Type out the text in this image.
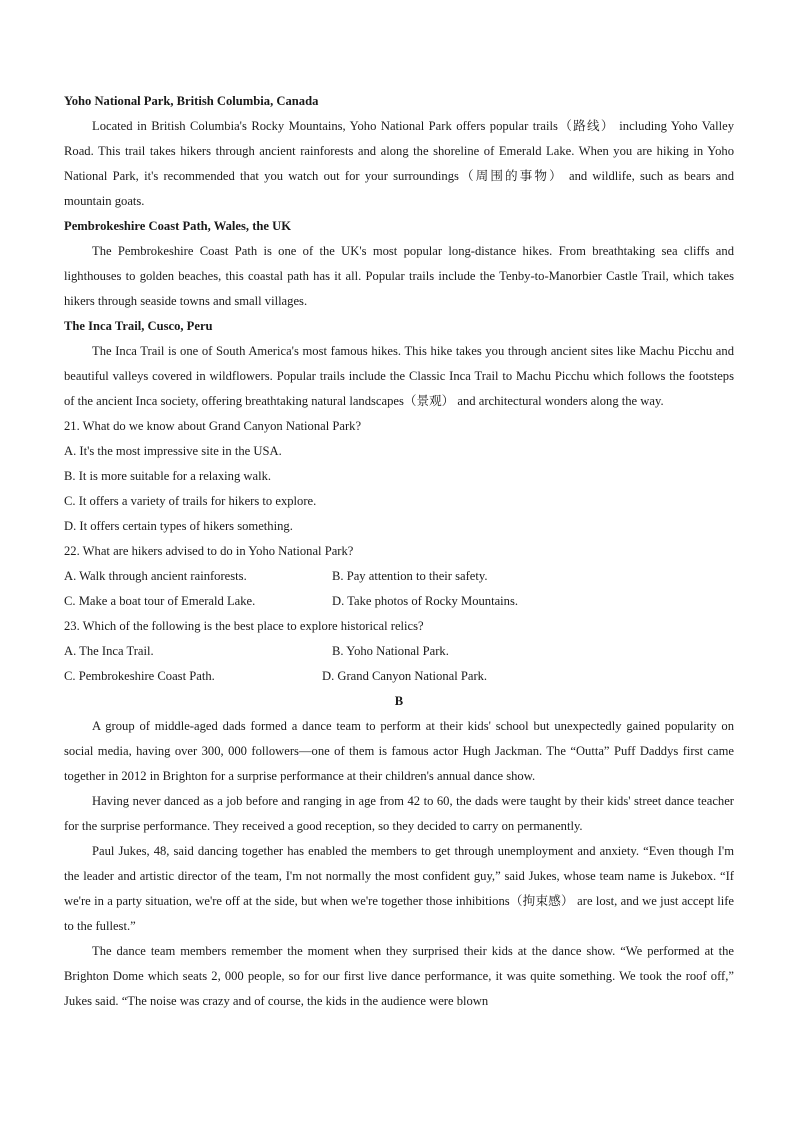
Yoho National Park, British Columbia, Canada

Located in British Columbia's Rocky Mountains, Yoho National Park offers popular trails（路线） including Yoho Valley Road. This trail takes hikers through ancient rainforests and along the shoreline of Emerald Lake. When you are hiking in Yoho National Park, it's recommended that you watch out for your surroundings（周围的事物） and wildlife, such as bears and mountain goats.

Pembrokeshire Coast Path, Wales, the UK

The Pembrokeshire Coast Path is one of the UK's most popular long-distance hikes. From breathtaking sea cliffs and lighthouses to golden beaches, this coastal path has it all. Popular trails include the Tenby-to-Manorbier Castle Trail, which takes hikers through seaside towns and small villages.

The Inca Trail, Cusco, Peru

The Inca Trail is one of South America's most famous hikes. This hike takes you through ancient sites like Machu Picchu and beautiful valleys covered in wildflowers. Popular trails include the Classic Inca Trail to Machu Picchu which follows the footsteps of the ancient Inca society, offering breathtaking natural landscapes（景观） and architectural wonders along the way.

21. What do we know about Grand Canyon National Park?

A. It's the most impressive site in the USA.

B. It is more suitable for a relaxing walk.

C. It offers a variety of trails for hikers to explore.

D. It offers certain types of hikers something.

22. What are hikers advised to do in Yoho National Park?

A. Walk through ancient rainforests.	B. Pay attention to their safety.
C. Make a boat tour of Emerald Lake.	D. Take photos of Rocky Mountains.

23. Which of the following is the best place to explore historical relics?

A. The Inca Trail.	B. Yoho National Park.
C. Pembrokeshire Coast Path.	D. Grand Canyon National Park.

B

A group of middle-aged dads formed a dance team to perform at their kids' school but unexpectedly gained popularity on social media, having over 300, 000 followers—one of them is famous actor Hugh Jackman. The “Outta” Puff Daddys first came together in 2012 in Brighton for a surprise performance at their children's annual dance show.

Having never danced as a job before and ranging in age from 42 to 60, the dads were taught by their kids' street dance teacher for the surprise performance. They received a good reception, so they decided to carry on permanently.

Paul Jukes, 48, said dancing together has enabled the members to get through unemployment and anxiety. “Even though I'm the leader and artistic director of the team, I'm not normally the most confident guy,” said Jukes, whose team name is Jukebox. “If we're in a party situation, we're off at the side, but when we're together those inhibitions（拘束感） are lost, and we just accept life to the fullest.”

The dance team members remember the moment when they surprised their kids at the dance show. “We performed at the Brighton Dome which seats 2, 000 people, so for our first live dance performance, it was quite something. We took the roof off,” Jukes said. “The noise was crazy and of course, the kids in the audience were blown
